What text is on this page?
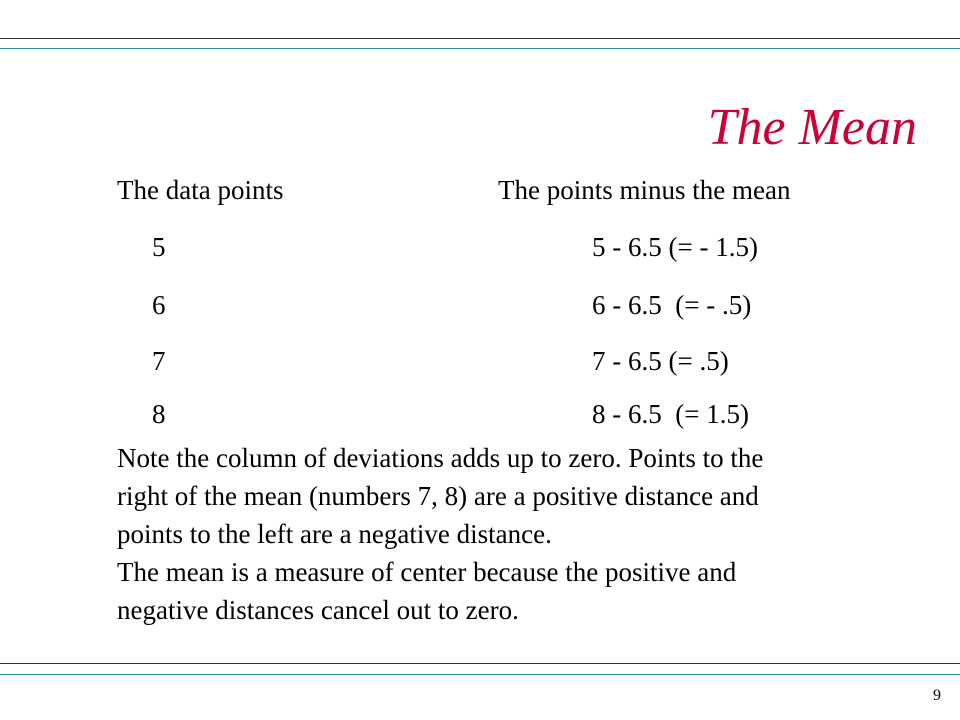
The Mean
The data points	The points minus the mean
5	5 - 6.5 (= - 1.5)
6	6 - 6.5  (= - .5)
7	7 - 6.5 (= .5)
8	8 - 6.5  (= 1.5)
Note the column of deviations adds up to zero. Points to the
right of the mean (numbers 7, 8) are a positive distance and
points to the left are a negative distance.
The mean is a measure of center because the positive and
negative distances cancel out to zero.
9
